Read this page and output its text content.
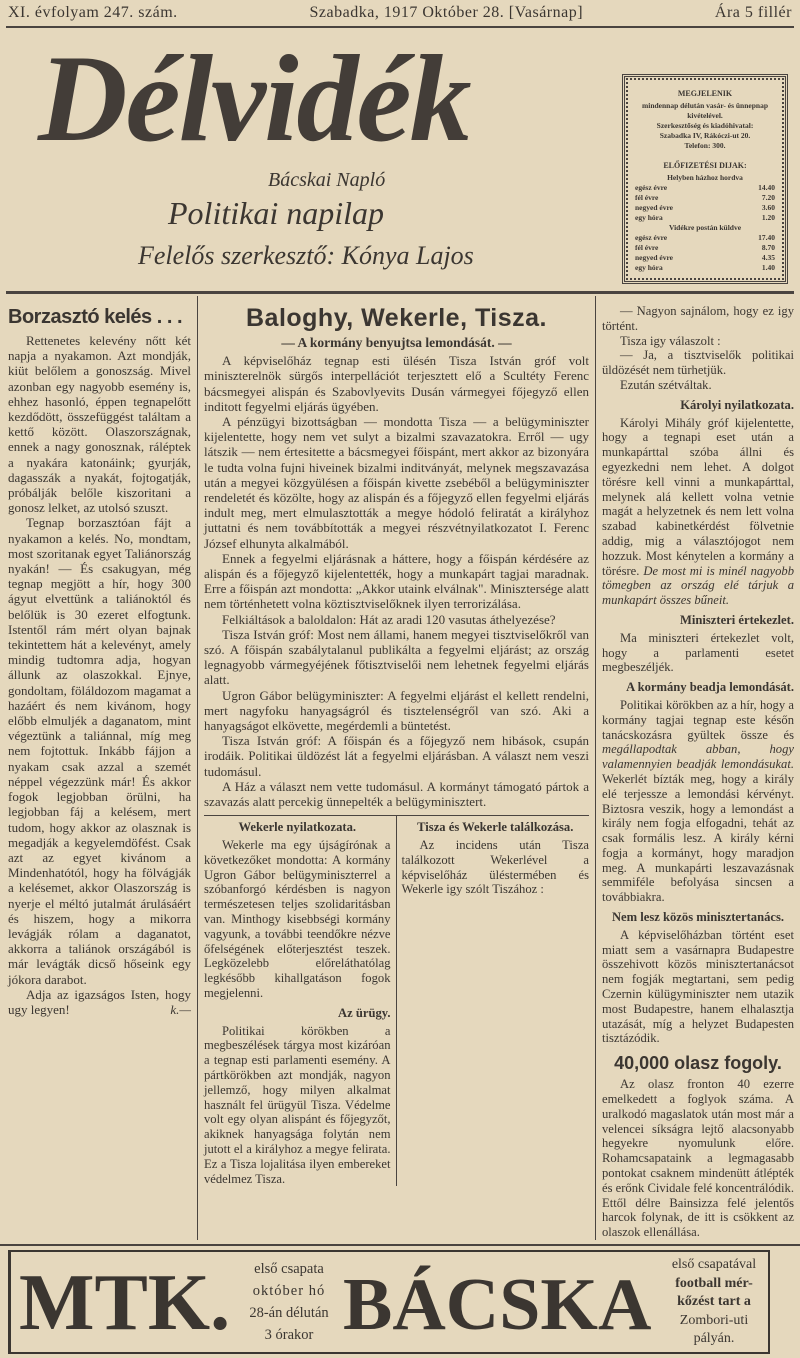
XI. évfolyam 247. szám.	Szabadka, 1917 Október 28. [Vasárnap]	Ára 5 fillér
Délvidék
Bácskai Napló
Politikai napilap
Felelős szerkesztő: Kónya Lajos
MEGJELENIK
mindennap délután vasár- és ünnepnap kivételével.
Szerkesztőség és kiadóhivatal:
Szabadka IV, Rákóczi-ut 20.
Telefon: 300.
ELŐFIZETÉSI DIJAK:
Helyben házhoz hordva
egész évre	14.40
fél évre	7.20
negyed évre	3.60
egy hóra	1.20
Vidékre postán küldve
egész évre	17.40
fél évre	8.70
negyed évre	4.35
egy hóra	1.40
Borzasztó kelés . . .

Rettenetes kelevény nőtt két napja a nyakamon. Azt mondják, kiüt belőlem a gonoszság. Mivel azonban egy nagyobb esemény is, ehhez hasonló, éppen tegnapelőtt kezdődött, összefüggést találtam a kettő között. Olaszországnak, ennek a nagy gonosznak, ráléptek a nyakára katonáink; gyurják, dagasszák a nyakát, fojtogatják, próbálják belőle kiszoritani a gonosz lelket, az utolsó szuszt.

Tegnap borzasztóan fájt a nyakamon a kelés. No, mondtam, most szoritanak egyet Taliánország nyakán! — És csakugyan, még tegnap megjött a hír, hogy 300 ágyut elvettünk a taliánoktól és belőlük is 30 ezeret elfogtunk. Istentől rám mért olyan bajnak tekintettem hát a kelevényt, amely mindig tudtomra adja, hogyan állunk az olaszokkal. Ejnye, gondoltam, föláldozom magamat a hazáért és nem kivánom, hogy előbb elmuljék a daganatom, mint végeztünk a taliánnal, míg meg nem fojtottuk. Inkább fájjon a nyakam csak azzal a szemét néppel végezzünk már! És akkor fogok legjobban örülni, ha legjobban fáj a kelésem, mert tudom, hogy akkor az olasznak is megadják a kegyelemdöfést. Csak azt az egyet kivánom a Mindenhatótól, hogy ha fölvágják a kelésemet, akkor Olaszország is nyerje el méltó jutalmát árulásáért és hiszem, hogy a mikorra levágják rólam a daganatot, akkorra a taliánok országából is már levágták dicső hőseink egy jókora darabot.

Adja az igazságos Isten, hogy ugy legyen!	k.—

Baloghy, Wekerle, Tisza.
— A kormány benyujtsa lemondását. —

A képviselőház tegnap esti ülésén Tisza István gróf volt miniszterelnök sürgős interpellációt terjesztett elő a Scultéty Ferenc bácsmegyei alispán és Szabovlyevits Dusán vármegyei főjegyző ellen inditott fegyelmi eljárás ügyében.

A pénzügyi bizottságban — mondotta Tisza — a belügyminiszter kijelentette, hogy nem vet sulyt a bizalmi szavazatokra. Erről — ugy látszik — nem értesitette a bácsmegyei főispánt, mert akkor az bizonyára le tudta volna fujni hiveinek bizalmi inditványát, melynek megszavazása után a megyei közgyülésen a főispán kivette zsebéből a belügyminiszter rendeletét és közölte, hogy az alispán és a főjegyző ellen fegyelmi eljárás indult meg, mert elmulasztották a megye hódoló feliratát a királyhoz juttatni és nem továbbították a megyei részvétnyilatkozatot I. Ferenc József elhunyta alkalmából.

Ennek a fegyelmi eljárásnak a háttere, hogy a főispán kérdésére az alispán és a főjegyző kijelentették, hogy a munkapárt tagjai maradnak. Erre a főispán azt mondotta: „Akkor utaink elválnak". Miniszterségе alatt nem történhetett volna köztisztviselőknek ilyen terrorizálása.

Felkiáltások a baloldalon: Hát az aradi 120 vasutas áthelyezése?

Tisza István gróf: Most nem állami, hanem megyei tisztviselőkről van szó. A főispán szabálytalanul publikálta a fegyelmi eljárást; az ország legnagyobb vármegyéjének főtisztviselői nem lehetnek fegyelmi eljárás alatt.

Ugron Gábor belügyminiszter: A fegyelmi eljárást el kellett rendelni, mert nagyfoku hanyagságról és tisztelenségről van szó. Aki a hanyagságot elkövette, megérdemli a büntetést.

Tisza István gróf: A főispán és a főjegyző nem hibások, csupán irodáik. Politikai üldözést lát a fegyelmi eljárásban. A választ nem veszi tudomásul.

A Ház a választ nem vette tudomásul. A kormányt támogató pártok a szavazás alatt percekig ünnepelték a belügyminisztert.

Wekerle nyilatkozata.

Wekerle ma egy újságírónak a következőket mondotta: A kormány Ugron Gábor belügyminiszterrel a szóbanforgó kérdésben is nagyon természetesen teljes szolidaritásban van. Minthogy kisebbségi kormány vagyunk, a további teendőkre nézve őfelségének előterjesztést teszek. Legközelebb előreláthatólag legkésőbb kihallgatáson fogok megjelenni.

Az ürügy.

Politikai körökben a megbeszélések tárgya most kizáróan a tegnap esti parlamenti esemény. A pártkörökben azt mondják, nagyon jellemző, hogy milyen alkalmat használt fel ürügyül Tisza. Védelme volt egy olyan alispánt és főjegyzőt, akiknek hanyagsága folytán nem jutott el a királyhoz a megye felirata. Ez a Tisza lojalitása ilyen embereket védelmez Tisza.

Tisza és Wekerle találkozása.

Az incidens után Tisza találkozott Wekerlével a képviselőház üléstermében és Wekerle igy szólt Tiszához :

— Nagyon sajnálom, hogy ez igy történt.

Tisza igy válaszolt :

— Ja, a tisztviselők politikai üldözését nem türhetjük.

Ezután szétváltak.

Károlyi nyilatkozata.

Károlyi Mihály gróf kijelentette, hogy a tegnapi eset után a munkapárttal szóba állni és egyezkedni nem lehet. A dolgot törésre kell vinni a munkapárttal, melynek alá kellett volna vetnie magát a helyzetnek és nem lett volna szabad kabinetkérdést fölvetnie addig, mig a választójogot nem hozzuk. Most kénytelen a kormány a törésre. De most mi is minél nagyobb tömegben az ország elé tárjuk a munkapárt összes bűneit.

Miniszteri értekezlet.

Ma miniszteri értekezlet volt, hogy a parlamenti esetet megbeszéljék.

A kormány beadja lemondását.

Politikai körökben az a hír, hogy a kormány tagjai tegnap este későn tanácskozásra gyültek össze és megállapodtak abban, hogy valamennyien beadják lemondásukat. Wekerlét bízták meg, hogy a király elé terjessze a lemondási kérvényt. Biztosra veszik, hogy a lemondást a király nem fogja elfogadni, tehát az csak formális lesz. A király kérni fogja a kormányt, hogy maradjon meg. A munkapárti leszavazásnak semmiféle befolyása sincsen a továbbiakra.

Nem lesz közös minisztertanács.

A képviselőházban történt eset miatt sem a vasárnapra Budapestre összehivott közös minisztertanácsot nem fogják megtartani, sem pedig Czernin külügyminiszter nem utazik most Budapestre, hanem elhalasztja utazását, míg a helyzet Budapesten tisztázódik.

40,000 olasz fogoly.

Az olasz fronton 40 ezerre emelkedett a foglyok száma. A uralkodó magaslatok után most már a velencei síkságra lejtő alacsonyabb hegyekre nyomulunk előre. Rohamcsapataink a legmagasabb pontokat csaknem mindenütt átlépték és erőnk Cividale felé koncentrálódik. Ettől délre Bainsizza felé jelentős harcok folynak, de itt is csökkent az olaszok ellenállása.

MTK.	első csapata
október hó
28-án délután
3 órakor BÁCSKA	első csapatával
football mér-
kőzést tart a
Zombori-uti
pályán.
